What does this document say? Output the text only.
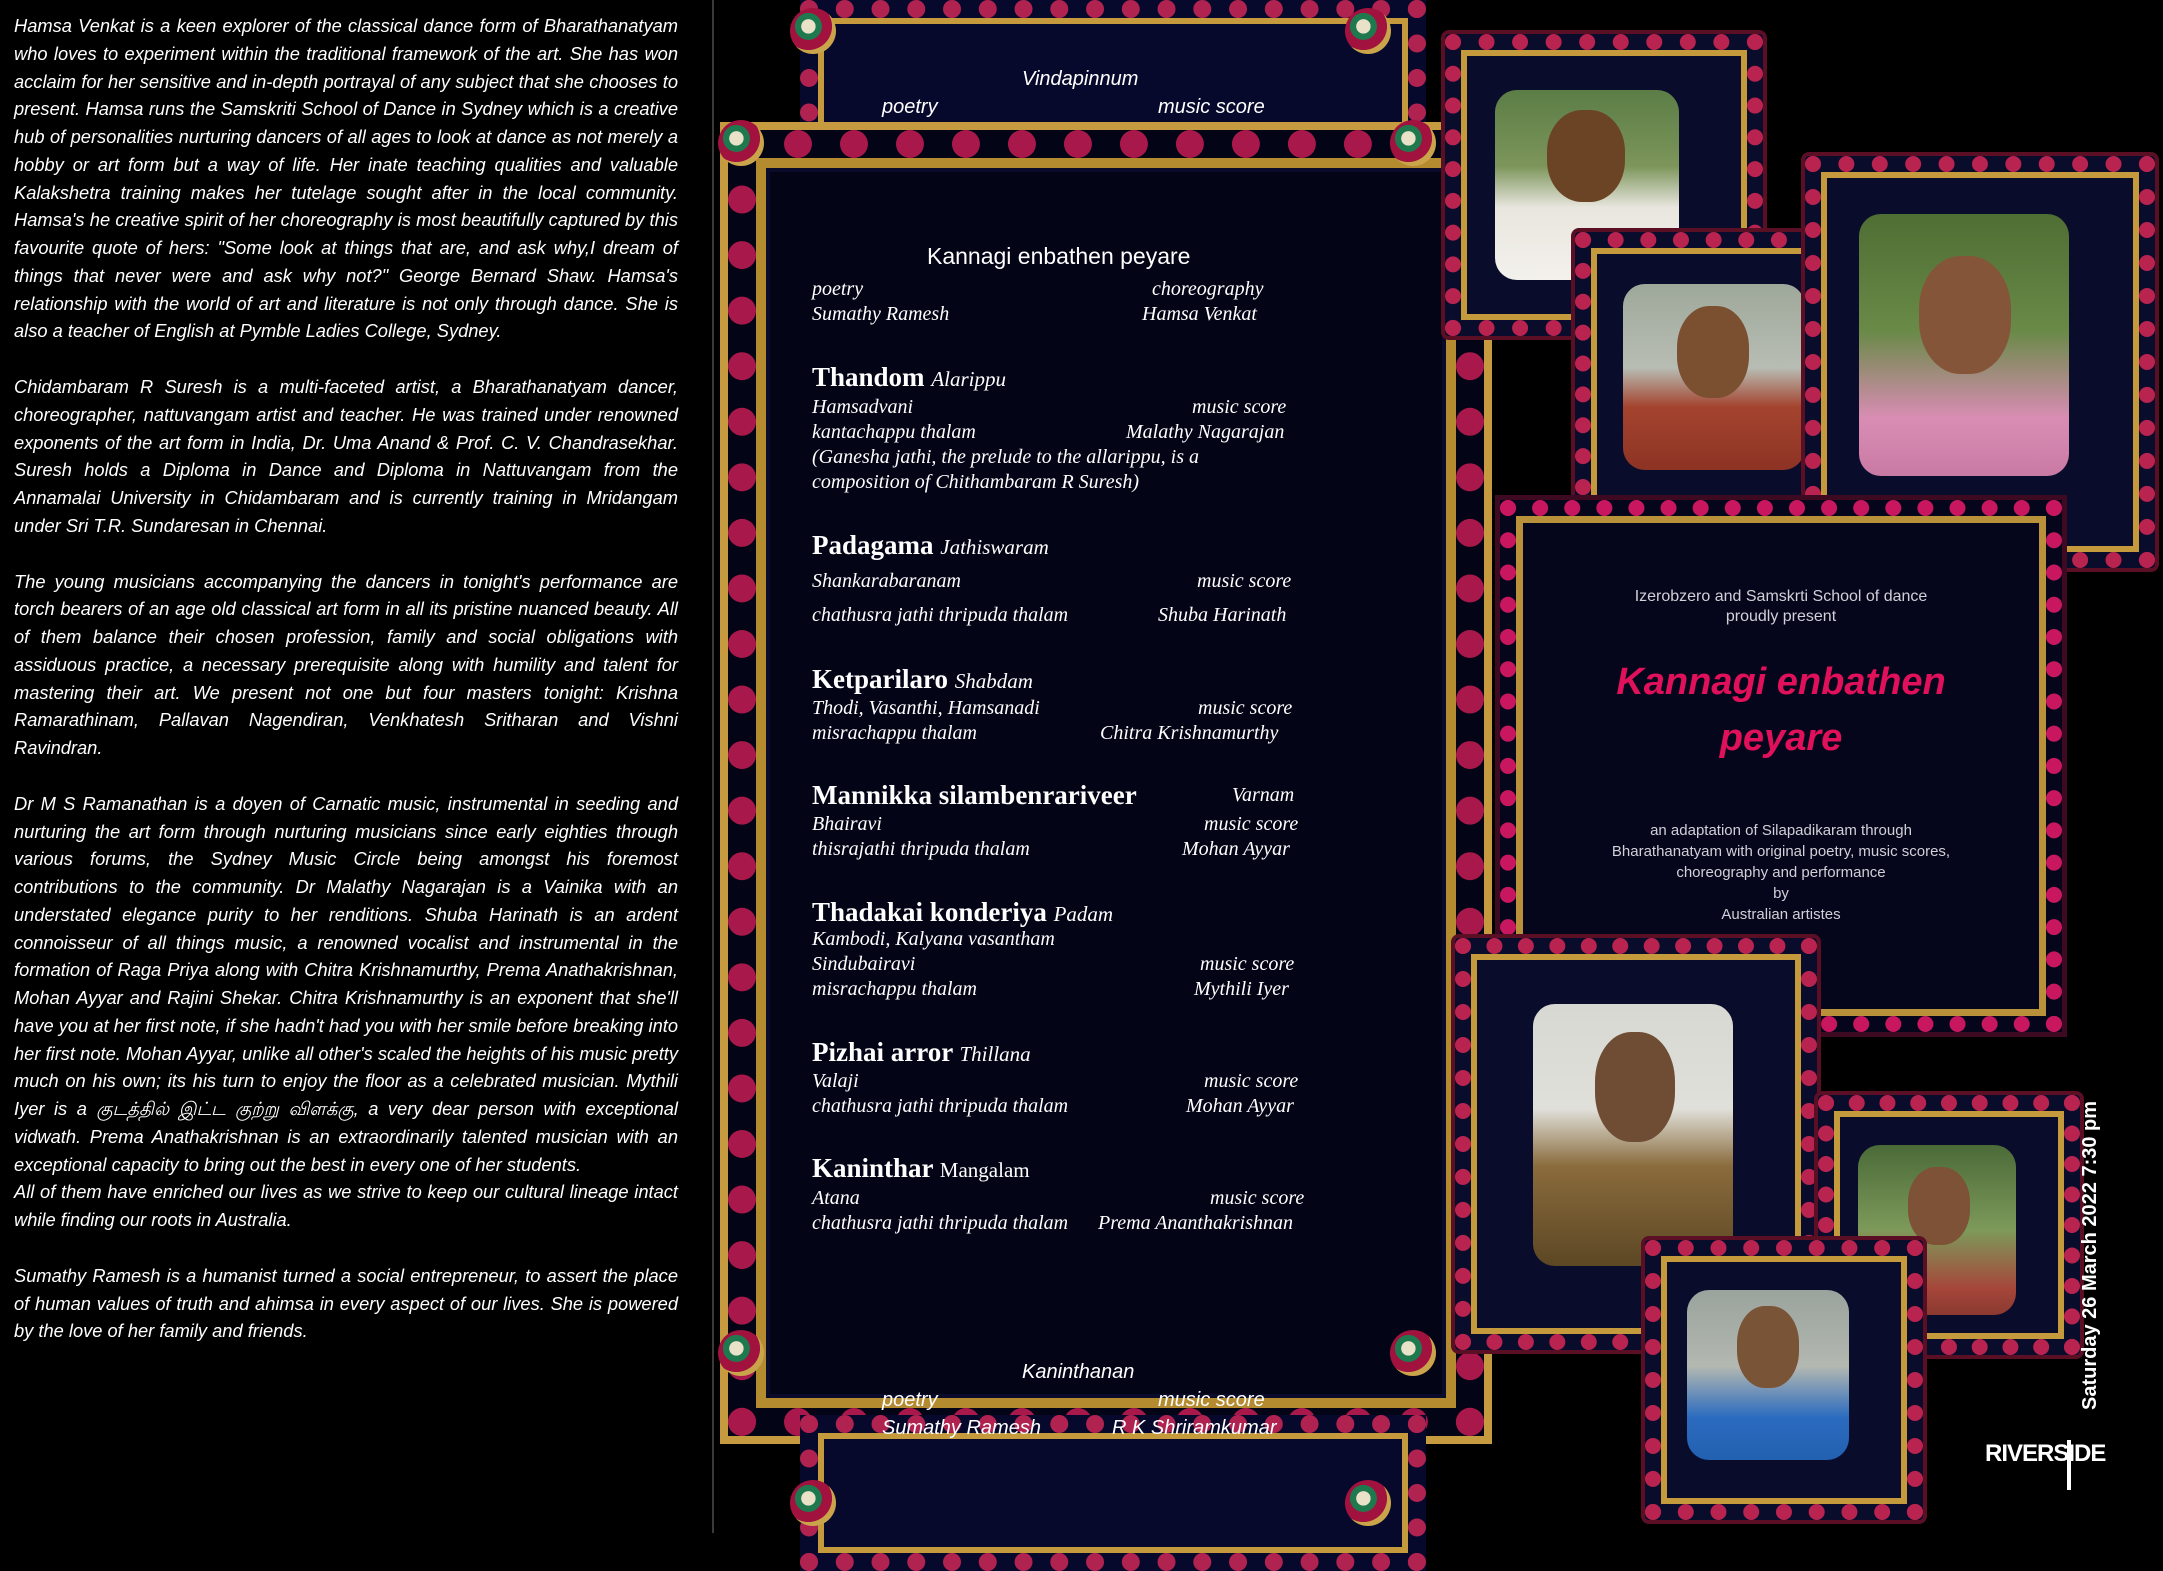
Hamsa Venkat is a keen explorer of the classical dance form of Bharathanatyam who loves to experiment within the traditional framework of the art. She has won acclaim for her sensitive and in-depth portrayal of any subject that she chooses to present. Hamsa runs the Samskriti School of Dance in Sydney which is a creative hub of personalities nurturing dancers of all ages to look at dance as not merely a hobby or art form but a way of life. Her inate teaching qualities and valuable Kalakshetra training makes her tutelage sought after in the local community. Hamsa's he creative spirit of her choreography is most beautifully captured by this favourite quote of hers: "Some look at things that are, and ask why,I dream of things that never were and ask why not?" George Bernard Shaw. Hamsa's relationship with the world of art and literature is not only through dance. She is also a teacher of English at Pymble Ladies College, Sydney.

Chidambaram R Suresh is a multi-faceted artist, a Bharathanatyam dancer, choreographer, nattuvangam artist and teacher. He was trained under renowned exponents of the art form in India, Dr. Uma Anand & Prof. C. V. Chandrasekhar. Suresh holds a Diploma in Dance and Diploma in Nattuvangam from the Annamalai University in Chidambaram and is currently training in Mridangam under Sri T.R. Sundaresan in Chennai.

The young musicians accompanying the dancers in tonight's performance are torch bearers of an age old classical art form in all its pristine nuanced beauty. All of them balance their chosen profession, family and social obligations with assiduous practice, a necessary prerequisite along with humility and talent for mastering their art. We present not one but four masters tonight: Krishna Ramarathinam, Pallavan Nagendiran, Venkhatesh Sritharan and Vishni Ravindran.

Dr M S Ramanathan is a doyen of Carnatic music, instrumental in seeding and nurturing the art form through nurturing musicians since early eighties through various forums, the Sydney Music Circle being amongst his foremost contributions to the community. Dr Malathy Nagarajan is a Vainika with an understated elegance purity to her renditions. Shuba Harinath is an ardent connoisseur of all things music, a renowned vocalist and instrumental in the formation of Raga Priya along with Chitra Krishnamurthy, Prema Anathakrishnan, Mohan Ayyar and Rajini Shekar. Chitra Krishnamurthy is an exponent that she'll have you at her first note, if she hadn't had you with her smile before breaking into her first note. Mohan Ayyar, unlike all other's scaled the heights of his music pretty much on his own; its his turn to enjoy the floor as a celebrated musician. Mythili Iyer is a குடத்தில் இட்ட குற்று விளக்கு, a very dear person with exceptional vidwath. Prema Anathakrishnan is an extraordinarily talented musician with an exceptional capacity to bring out the best in every one of her students.

All of them have enriched our lives as we strive to keep our cultural lineage intact while finding our roots in Australia.

Sumathy Ramesh is a humanist turned a social entrepreneur, to assert the place of human values of truth and ahimsa in every aspect of our lives. She is powered by the love of her family and friends.

Vindapinnum
poetry	music score
Kannagi enbathen peyare
poetry	choreography
Sumathy Ramesh	Hamsa Venkat
Thandom Alarippu
Hamsadvani	music score
kantachappu thalam	Malathy Nagarajan
(Ganesha jathi, the prelude to the allarippu, is a
composition of Chithambaram R Suresh)
Padagama Jathiswaram
Shankarabaranam	music score
chathusra jathi thripuda thalam	Shuba Harinath
Ketparilaro Shabdam
Thodi, Vasanthi, Hamsanadi	music score
misrachappu thalam	Chitra Krishnamurthy
Mannikka silambenrariveer	Varnam
Bhairavi	music score
thisrajathi thripuda thalam	Mohan Ayyar
Thadakai konderiya Padam
Kambodi, Kalyana vasantham
Sindubairavi	music score
misrachappu thalam	Mythili Iyer
Pizhai arror Thillana
Valaji	music score
chathusra jathi thripuda thalam	Mohan Ayyar
Kaninthar Mangalam
Atana	music score
chathusra jathi thripuda thalam Prema Ananthakrishnan
Kaninthanan
poetry	music score
Sumathy Ramesh	R K Shriramkumar
Izerobzero and Samskrti School of dance
proudly present
Kannagi enbathen
peyare
an adaptation of Silapadikaram through
Bharathanatyam with original poetry, music scores,
choreography and performance
by
Australian artistes
Saturday 26 March 2022 7:30 pm
RIVERSIDE
